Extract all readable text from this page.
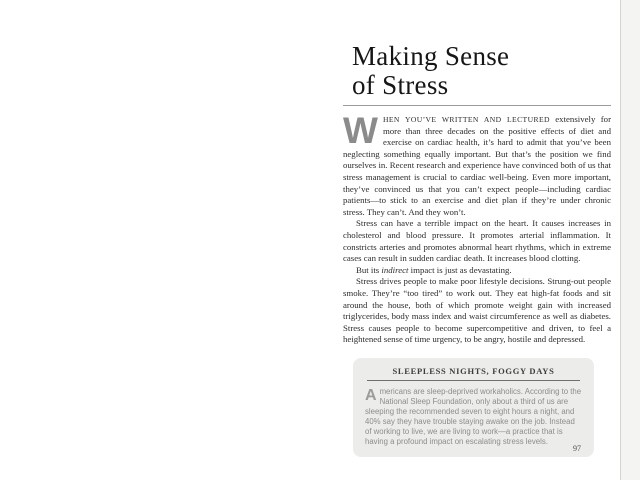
Making Sense
of Stress

WHEN YOU’VE WRITTEN AND LECTURED extensively for more than three decades on the positive effects of diet and exercise on cardiac health, it’s hard to admit that you’ve been neglecting something equally important. But that’s the position we find ourselves in. Recent research and experience have convinced both of us that stress management is crucial to cardiac well-being. Even more important, they’ve convinced us that you can’t expect people—including cardiac patients—to stick to an exercise and diet plan if they’re under chronic stress. They can’t. And they won’t.

Stress can have a terrible impact on the heart. It causes increases in cholesterol and blood pressure. It promotes arterial inflammation. It constricts arteries and promotes abnormal heart rhythms, which in extreme cases can result in sudden cardiac death. It increases blood clotting.

But its indirect impact is just as devastating.

Stress drives people to make poor lifestyle decisions. Strung-out people smoke. They’re “too tired” to work out. They eat high-fat foods and sit around the house, both of which promote weight gain with increased triglycerides, body mass index and waist circumference as well as diabetes. Stress causes people to become supercompetitive and driven, to feel a heightened sense of time urgency, to be angry, hostile and depressed.

SLEEPLESS NIGHTS, FOGGY DAYS
Americans are sleep-deprived workaholics. According to the National Sleep Foundation, only about a third of us are sleeping the recommended seven to eight hours a night, and 40% say they have trouble staying awake on the job. Instead of working to live, we are living to work—a practice that is having a profound impact on escalating stress levels.
97
